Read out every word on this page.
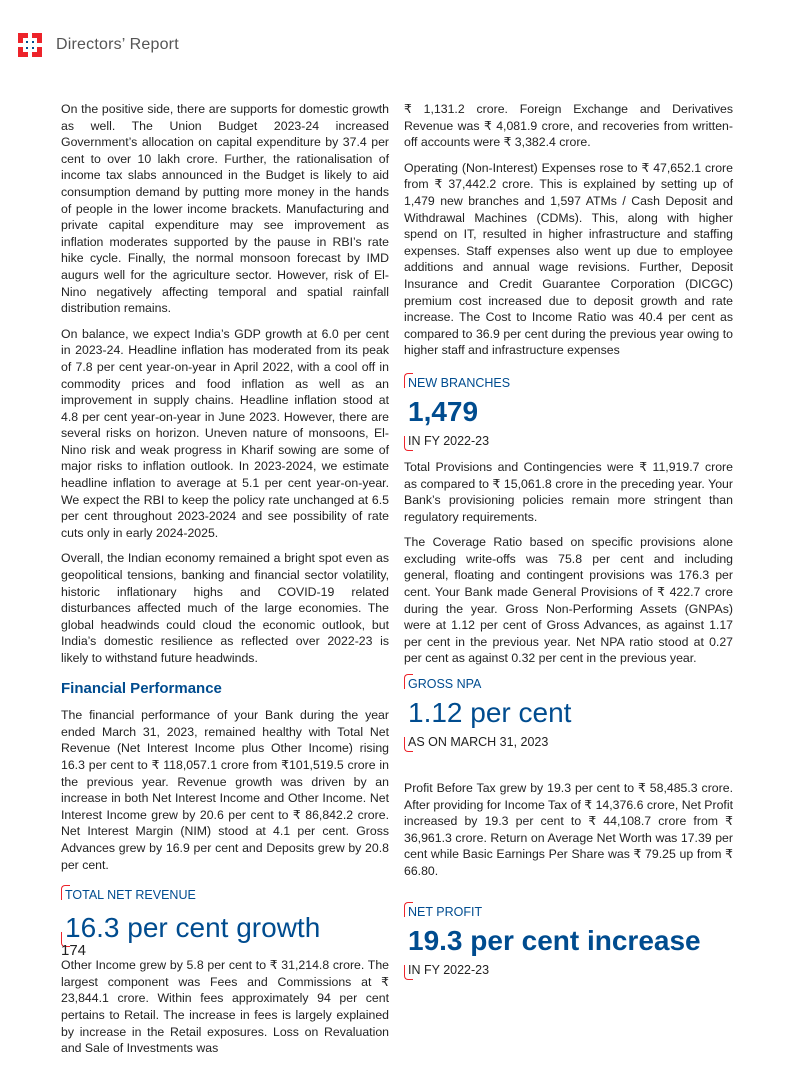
Directors’ Report

On the positive side, there are supports for domestic growth as well. The Union Budget 2023-24 increased Government’s allocation on capital expenditure by 37.4 per cent to over 10 lakh crore. Further, the rationalisation of income tax slabs announced in the Budget is likely to aid consumption demand by putting more money in the hands of people in the lower income brackets. Manufacturing and private capital expenditure may see improvement as inflation moderates supported by the pause in RBI’s rate hike cycle. Finally, the normal monsoon forecast by IMD augurs well for the agriculture sector. However, risk of El-Nino negatively affecting temporal and spatial rainfall distribution remains.

On balance, we expect India’s GDP growth at 6.0 per cent in 2023-24. Headline inflation has moderated from its peak of 7.8 per cent year-on-year in April 2022, with a cool off in commodity prices and food inflation as well as an improvement in supply chains. Headline inflation stood at 4.8 per cent year-on-year in June 2023. However, there are several risks on horizon. Uneven nature of monsoons, El-Nino risk and weak progress in Kharif sowing are some of major risks to inflation outlook. In 2023-2024, we estimate headline inflation to average at 5.1 per cent year-on-year. We expect the RBI to keep the policy rate unchanged at 6.5 per cent throughout 2023-2024 and see possibility of rate cuts only in early 2024-2025.

Overall, the Indian economy remained a bright spot even as geopolitical tensions, banking and financial sector volatility, historic inflationary highs and COVID-19 related disturbances affected much of the large economies. The global headwinds could cloud the economic outlook, but India’s domestic resilience as reflected over 2022-23 is likely to withstand future headwinds.

Financial Performance

The financial performance of your Bank during the year ended March 31, 2023, remained healthy with Total Net Revenue (Net Interest Income plus Other Income) rising 16.3 per cent to ₹ 118,057.1 crore from ₹101,519.5 crore in the previous year. Revenue growth was driven by an increase in both Net Interest Income and Other Income. Net Interest Income grew by 20.6 per cent to ₹ 86,842.2 crore. Net Interest Margin (NIM) stood at 4.1 per cent. Gross Advances grew by 16.9 per cent and Deposits grew by 20.8 per cent.

TOTAL NET REVENUE

16.3 per cent growth

Other Income grew by 5.8 per cent to ₹ 31,214.8 crore. The largest component was Fees and Commissions at ₹ 23,844.1 crore. Within fees approximately 94 per cent pertains to Retail. The increase in fees is largely explained by increase in the Retail exposures. Loss on Revaluation and Sale of Investments was

₹ 1,131.2 crore. Foreign Exchange and Derivatives Revenue was ₹ 4,081.9 crore, and recoveries from written-off accounts were ₹ 3,382.4 crore.

Operating (Non-Interest) Expenses rose to ₹ 47,652.1 crore from ₹ 37,442.2 crore. This is explained by setting up of 1,479 new branches and 1,597 ATMs / Cash Deposit and Withdrawal Machines (CDMs). This, along with higher spend on IT, resulted in higher infrastructure and staffing expenses. Staff expenses also went up due to employee additions and annual wage revisions. Further, Deposit Insurance and Credit Guarantee Corporation (DICGC) premium cost increased due to deposit growth and rate increase. The Cost to Income Ratio was 40.4 per cent as compared to 36.9 per cent during the previous year owing to higher staff and infrastructure expenses

NEW BRANCHES

1,479

IN FY 2022-23

Total Provisions and Contingencies were ₹ 11,919.7 crore as compared to ₹ 15,061.8 crore in the preceding year. Your Bank’s provisioning policies remain more stringent than regulatory requirements.

The Coverage Ratio based on specific provisions alone excluding write-offs was 75.8 per cent and including general, floating and contingent provisions was 176.3 per cent. Your Bank made General Provisions of ₹ 422.7 crore during the year. Gross Non-Performing Assets (GNPAs) were at 1.12 per cent of Gross Advances, as against 1.17 per cent in the previous year. Net NPA ratio stood at 0.27 per cent as against 0.32 per cent in the previous year.

GROSS NPA

1.12 per cent

AS ON MARCH 31, 2023

Profit Before Tax grew by 19.3 per cent to ₹ 58,485.3 crore. After providing for Income Tax of ₹ 14,376.6 crore, Net Profit increased by 19.3 per cent to ₹ 44,108.7 crore from ₹ 36,961.3 crore. Return on Average Net Worth was 17.39 per cent while Basic Earnings Per Share was ₹ 79.25 up from ₹ 66.80.

NET PROFIT

19.3 per cent increase

IN FY 2022-23

174
